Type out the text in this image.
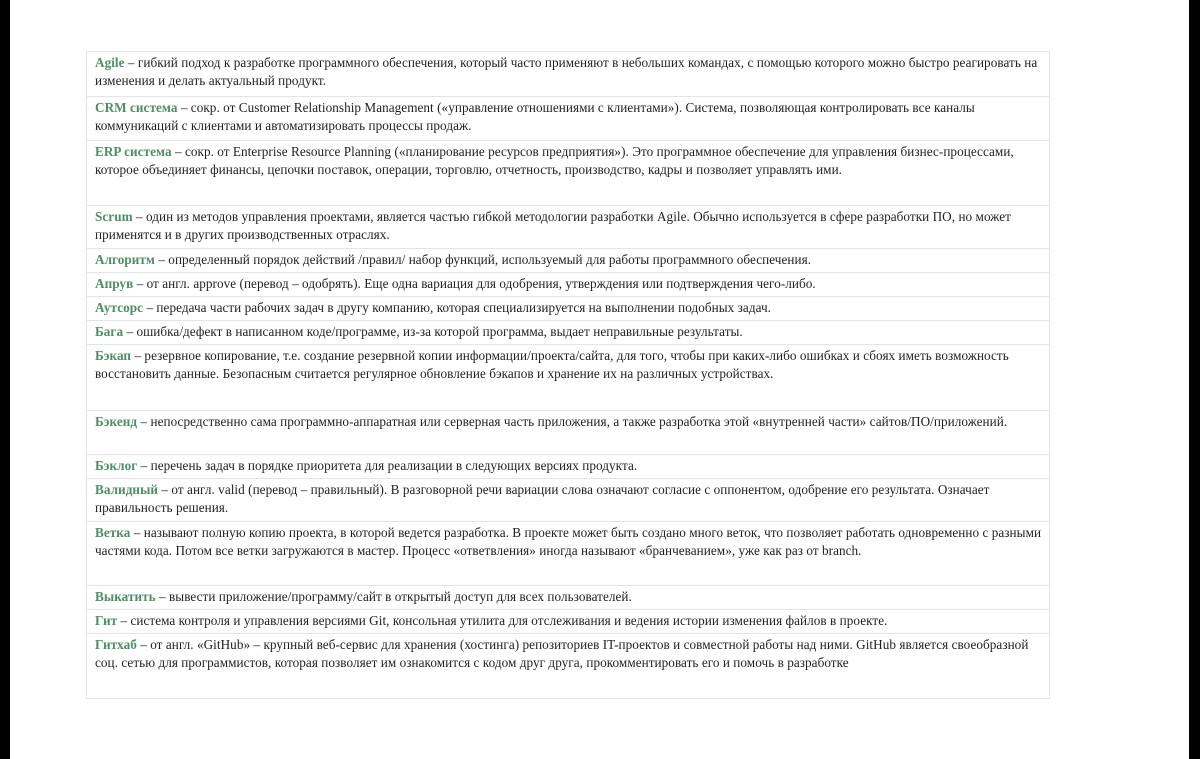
Agile – гибкий подход к разработке программного обеспечения, который часто применяют в небольших командах, с помощью которого можно быстро реагировать на изменения и делать актуальный продукт.
CRM система – сокр. от Customer Relationship Management («управление отношениями с клиентами»). Система, позволяющая контролировать все каналы коммуникаций с клиентами и автоматизировать процессы продаж.
ERP система – сокр. от Enterprise Resource Planning («планирование ресурсов предприятия»). Это программное обеспечение для управления бизнес-процессами, которое объединяет финансы, цепочки поставок, операции, торговлю, отчетность, производство, кадры и позволяет управлять ими.
Scrum – один из методов управления проектами, является частью гибкой методологии разработки Agile. Обычно используется в сфере разработки ПО, но может применятся и в других производственных отраслях.
Алгоритм – определенный порядок действий /правил/ набор функций, используемый для работы программного обеспечения.
Апрув – от англ. approve (перевод – одобрять). Еще одна вариация для одобрения, утверждения или подтверждения чего-либо.
Аутсорс – передача части рабочих задач в другу компанию, которая специализируется на выполнении подобных задач.
Бага – ошибка/дефект в написанном коде/программе, из-за которой программа, выдает неправильные результаты.
Бэкап – резервное копирование, т.е. создание резервной копии информации/проекта/сайта, для того, чтобы при каких-либо ошибках и сбоях иметь возможность восстановить данные. Безопасным считается регулярное обновление бэкапов и хранение их на различных устройствах.
Бэкенд – непосредственно сама программно-аппаратная или серверная часть приложения, а также разработка этой «внутренней части» сайтов/ПО/приложений.
Бэклог – перечень задач в порядке приоритета для реализации в следующих версиях продукта.
Валидный – от англ. valid (перевод – правильный). В разговорной речи вариации слова означают согласие с оппонентом, одобрение его результата. Означает правильность решения.
Ветка – называют полную копию проекта, в которой ведется разработка. В проекте может быть создано много веток, что позволяет работать одновременно с разными частями кода. Потом все ветки загружаются в мастер. Процесс «ответвления» иногда называют «бранчеванием», уже как раз от branch.
Выкатить – вывести приложение/программу/сайт в открытый доступ для всех пользователей.
Гит – система контроля и управления версиями Git, консольная утилита для отслеживания и ведения истории изменения файлов в проекте.
Гитхаб – от англ. «GitHub» – крупный веб-сервис для хранения (хостинга) репозиториев IT-проектов и совместной работы над ними. GitHub является своеобразной соц. сетью для программистов, которая позволяет им ознакомится с кодом друг друга, прокомментировать его и помочь в разработке
